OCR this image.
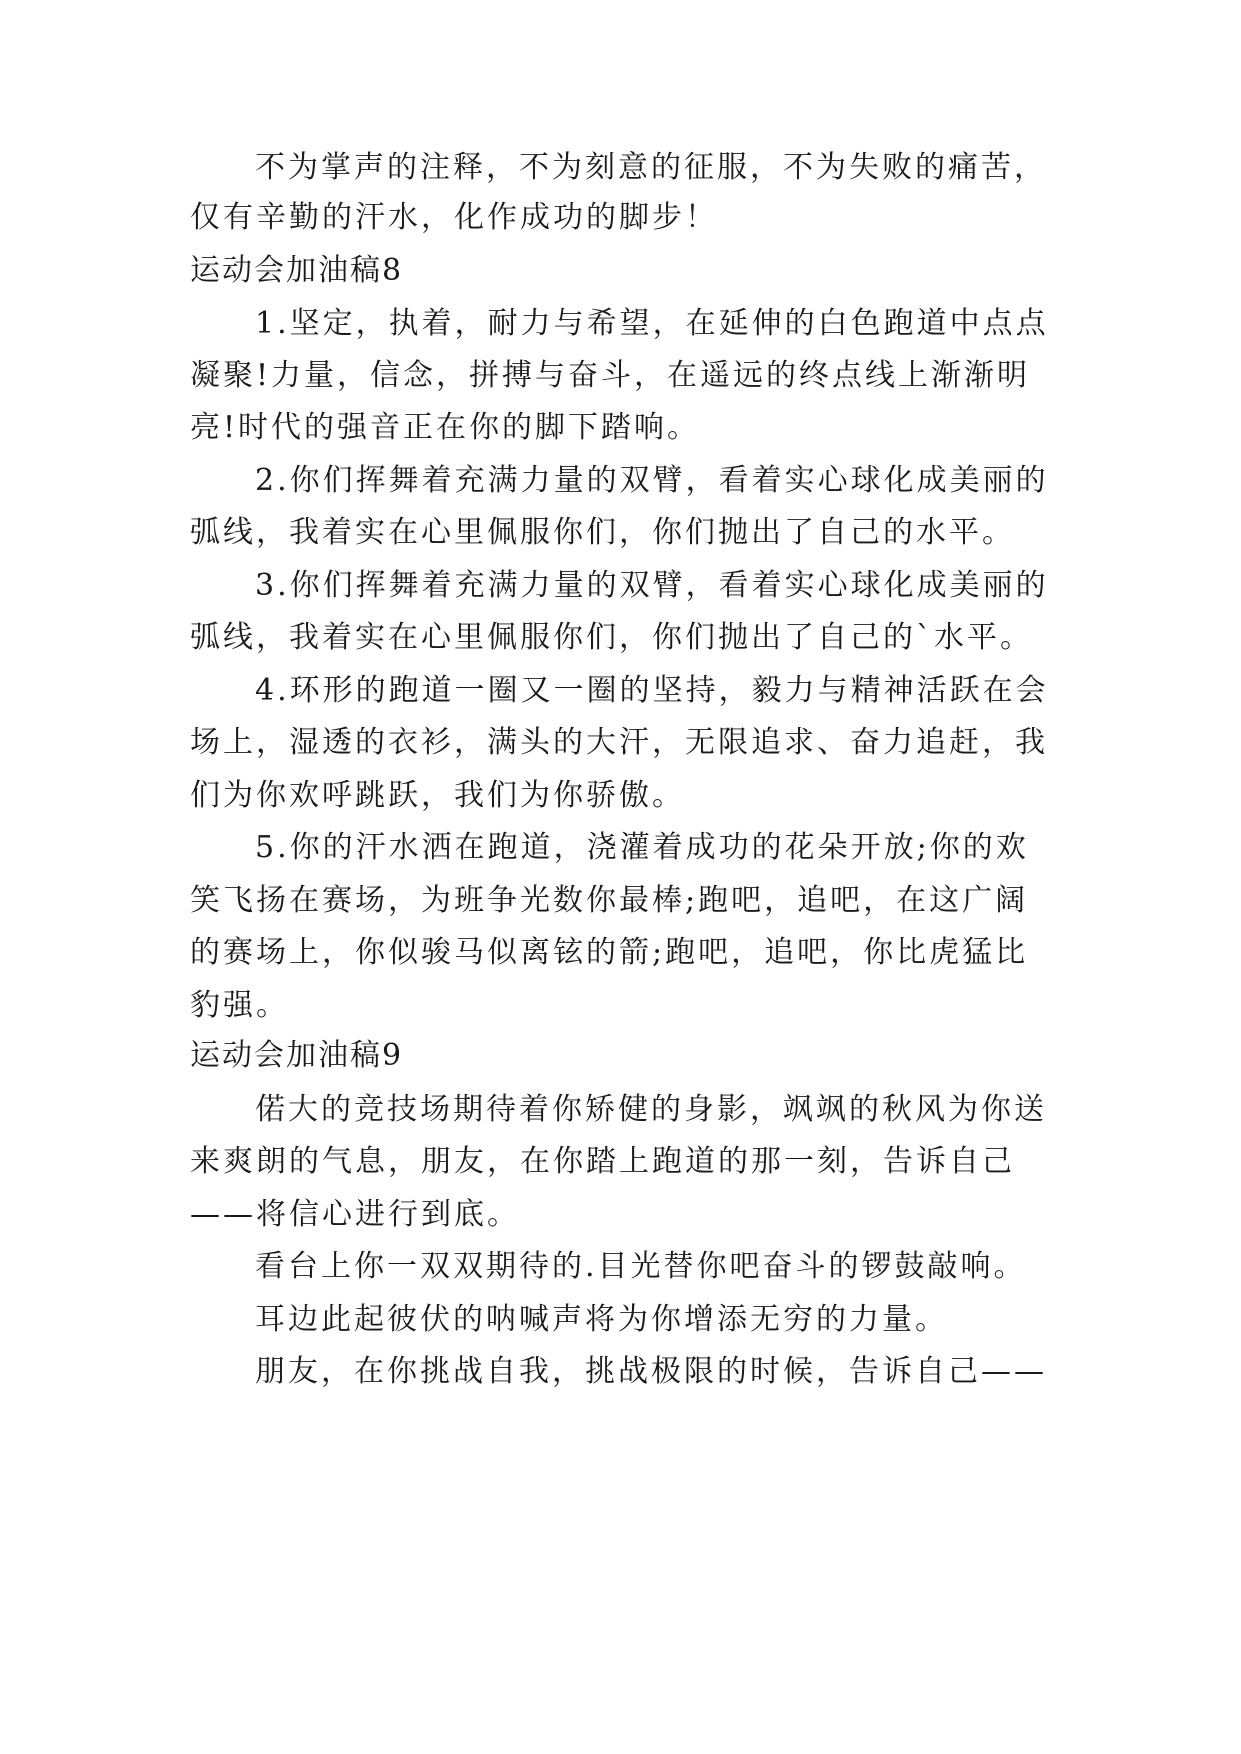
不为掌声的注释，不为刻意的征服，不为失败的痛苦，
仅有辛勤的汗水，化作成功的脚步！
运动会加油稿8
1.坚定，执着，耐力与希望，在延伸的白色跑道中点点
凝聚!力量，信念，拼搏与奋斗，在遥远的终点线上渐渐明
亮!时代的强音正在你的脚下踏响。
2.你们挥舞着充满力量的双臂，看着实心球化成美丽的
弧线，我着实在心里佩服你们，你们抛出了自己的水平。
3.你们挥舞着充满力量的双臂，看着实心球化成美丽的
弧线，我着实在心里佩服你们，你们抛出了自己的`水平。
4.环形的跑道一圈又一圈的坚持，毅力与精神活跃在会
场上，湿透的衣衫，满头的大汗，无限追求、奋力追赶，我
们为你欢呼跳跃，我们为你骄傲。
5.你的汗水洒在跑道，浇灌着成功的花朵开放;你的欢
笑飞扬在赛场，为班争光数你最棒;跑吧，追吧，在这广阔
的赛场上，你似骏马似离铉的箭;跑吧，追吧，你比虎猛比
豹强。
运动会加油稿9
偌大的竞技场期待着你矫健的身影，飒飒的秋风为你送
来爽朗的气息，朋友，在你踏上跑道的那一刻，告诉自己
——将信心进行到底。
看台上你一双双期待的.目光替你吧奋斗的锣鼓敲响。
耳边此起彼伏的呐喊声将为你增添无穷的力量。
朋友，在你挑战自我，挑战极限的时候，告诉自己——
